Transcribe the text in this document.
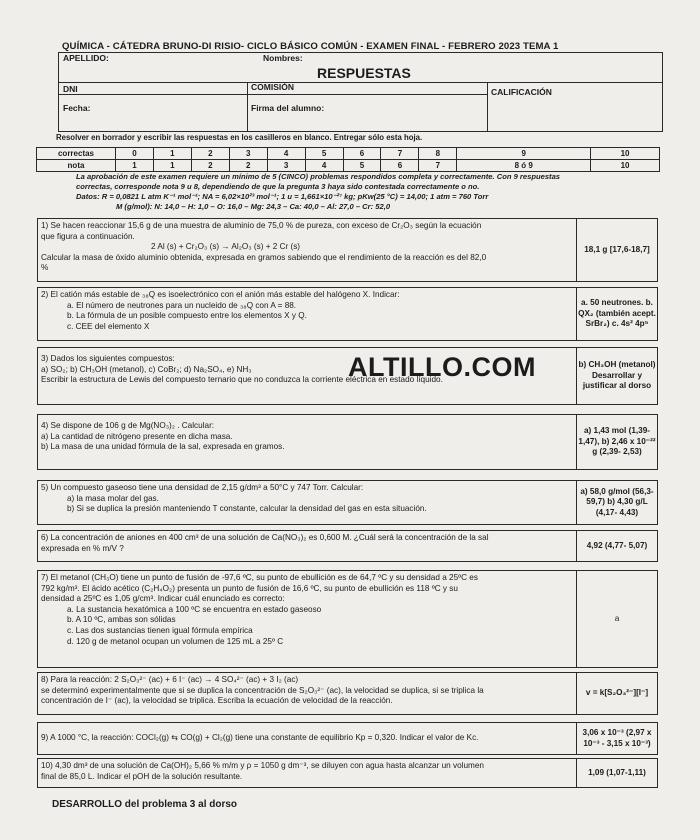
QUÍMICA - CÁTEDRA BRUNO-DI RISIO- CICLO BÁSICO COMÚN - EXAMEN FINAL - FEBRERO 2023 TEMA 1
APELLIDO:	Nombres:
RESPUESTAS
DNI	COMISIÓN	CALIFICACIÓN
Fecha:	Firma del alumno:
Resolver en borrador y escribir las respuestas en los casilleros en blanco. Entregar sólo esta hoja.
correctas	0	1	2	3	4	5	6	7	8	9	10
nota	1	1	2	2	3	4	5	6	7	8 ó 9	10
La aprobación de este examen requiere un mínimo de 5 (CINCO) problemas respondidos completa y correctamente. Con 9 respuestas
correctas, corresponde nota 9 u 8, dependiendo de que la pregunta 3 haya sido contestada correctamente o no.
Datos: R = 0,0821 L atm K⁻¹ mol⁻¹; NA = 6,02×10²³ mol⁻¹; 1 u = 1,661×10⁻²⁷ kg; pKw(25 °C) = 14,00; 1 atm = 760 Torr
M (g/mol): N: 14,0 – H: 1,0 – O: 16,0 – Mg: 24,3 – Ca: 40,0 – Al: 27,0 – Cr: 52,0
1) Se hacen reaccionar 15,6 g de una muestra de aluminio de 75,0 % de pureza, con exceso de Cr₂O₃ según la ecuación
que figura a continuación.
2 Al (s) + Cr₂O₃ (s) → Al₂O₃ (s) + 2 Cr (s)
Calcular la masa de óxido aluminio obtenida, expresada en gramos sabiendo que el rendimiento de la reacción es del 82,0
%
18,1 g [17,6-18,7]
2) El catión más estable de ₃₈Q es isoelectrónico con el anión más estable del halógeno X. Indicar:
a. El número de neutrones para un nucleido de ₃₈Q con A = 88.
b. La fórmula de un posible compuesto entre los elementos X y Q.
c. CEE del elemento X
a. 50 neutrones. b. QX₂ (también acept. SrBr₂) c. 4s² 4p⁵
3) Dados los siguientes compuestos:
a) SO₂; b) CH₃OH (metanol), c) CoBr₂; d) Na₂SO₄, e) NH₃
Escribir la estructura de Lewis del compuesto ternario que no conduzca la corriente eléctrica en estado líquido.
b) CH₃OH (metanol) Desarrollar y justificar al dorso
ALTILLO.COM
4) Se dispone de 106 g de Mg(NO₃)₂ . Calcular:
a) La cantidad de nitrógeno presente en dicha masa.
b) La masa de una unidad fórmula de la sal, expresada en gramos.
a) 1,43 mol (1,39-1,47), b) 2,46 x 10⁻²² g (2,39- 2,53)
5) Un compuesto gaseoso tiene una densidad de 2,15 g/dm³ a 50°C y 747 Torr. Calcular:
a) la masa molar del gas.
b) Si se duplica la presión manteniendo T constante, calcular la densidad del gas en esta situación.
a) 58,0 g/mol (56,3- 59,7) b) 4,30 g/L (4,17- 4,43)
6) La concentración de aniones en 400 cm³ de una solución de Ca(NO₃)₂ es 0,600 M. ¿Cuál será la concentración de la sal
expresada en % m/V ?	4,92 (4,77- 5,07)
7) El metanol (CH₃O) tiene un punto de fusión de -97,6 ºC, su punto de ebullición es de 64,7 ºC y su densidad a 25ºC es
792 kg/m³. El ácido acético (C₂H₄O₂) presenta un punto de fusión de 16,6 ºC, su punto de ebullición es 118 ºC y su
densidad a 25ºC es 1,05 g/cm³. Indicar cuál enunciado es correcto:
a. La sustancia hexatómica a 100 ºC se encuentra en estado gaseoso
b. A 10 ºC, ambas son sólidas
c. Las dos sustancias tienen igual fórmula empírica
d. 120 g de metanol ocupan un volumen de 125 mL a 25º C
a
8) Para la reacción: 2 S₂O₃²⁻ (ac) + 6 I⁻ (ac) → 4 SO₄²⁻ (ac) + 3 I₂ (ac)
se determinó experimentalmente que si se duplica la concentración de S₂O₃²⁻ (ac), la velocidad se duplica, si se triplica la
concentración de I⁻ (ac), la velocidad se triplica. Escriba la ecuación de velocidad de la reacción.
v = k[S₂O₃²⁻][I⁻]
9) A 1000 °C, la reacción: COCl₂(g) ⇆ CO(g) + Cl₂(g) tiene una constante de equilibrio Kp = 0,320. Indicar el valor de Kc.
3,06 x 10⁻³ (2,97 x 10⁻³ - 3,15 x 10⁻³)
10) 4,30 dm³ de una solución de Ca(OH)₂ 5,66 % m/m y ρ = 1050 g dm⁻³, se diluyen con agua hasta alcanzar un volumen
final de 85,0 L. Indicar el pOH de la solución resultante.	1,09 (1,07-1,11)
DESARROLLO del problema 3 al dorso
